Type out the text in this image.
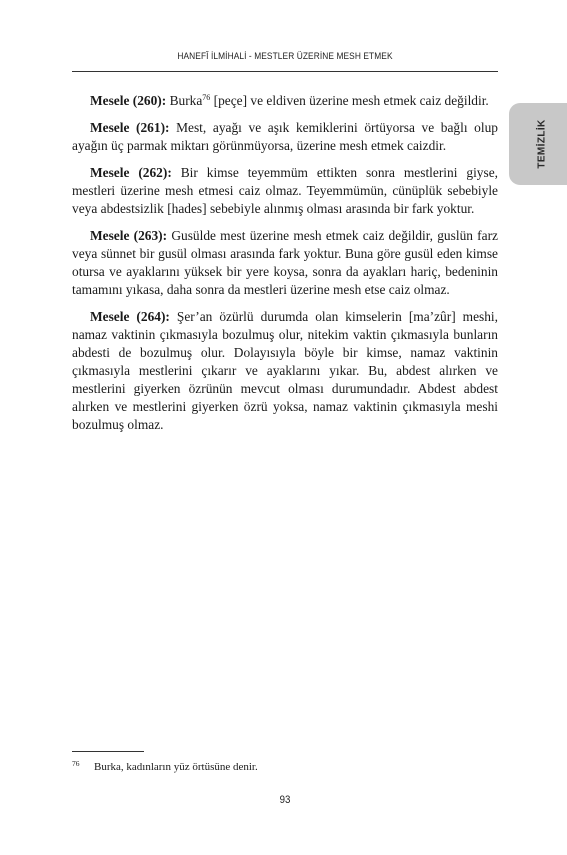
HANEFÎ İLMİHALİ - MESTLER ÜZERİNE MESH ETMEK
TEMİZLİK

Mesele (260): Burka$^{76}$ [peçe] ve eldiven üzerine mesh etmek caiz değildir.

Mesele (261): Mest, ayağı ve aşık kemiklerini örtüyorsa ve bağlı olup ayağın üç parmak miktarı görünmüyorsa, üzerine mesh etmek caizdir.

Mesele (262): Bir kimse teyemmüm ettikten sonra mestlerini giyse, mestleri üzerine mesh etmesi caiz olmaz. Teyemmümün, cünüplük sebebiyle veya abdestsizlik [hades] sebebiyle alınmış olması arasında bir fark yoktur.

Mesele (263): Gusülde mest üzerine mesh etmek caiz değildir, guslün farz veya sünnet bir gusül olması arasında fark yoktur. Buna göre gusül eden kimse otursa ve ayaklarını yüksek bir yere koysa, sonra da ayakları hariç, bedeninin tamamını yıkasa, daha sonra da mestleri üzerine mesh etse caiz olmaz.

Mesele (264): Şer’an özürlü durumda olan kimselerin [ma’zûr] meshi, namaz vaktinin çıkmasıyla bozulmuş olur, nitekim vaktin çıkmasıyla bunların abdesti de bozulmuş olur. Dolayısıyla böyle bir kimse, namaz vaktinin çıkmasıyla mestlerini çıkarır ve ayaklarını yıkar. Bu, abdest alırken ve mestlerini giyerken özrünün mevcut olması durumundadır. Abdest abdest alırken ve mestlerini giyerken özrü yoksa, namaz vaktinin çıkmasıyla meshi bozulmuş olmaz.

$^{76}$ Burka, kadınların yüz örtüsüne denir.
93
